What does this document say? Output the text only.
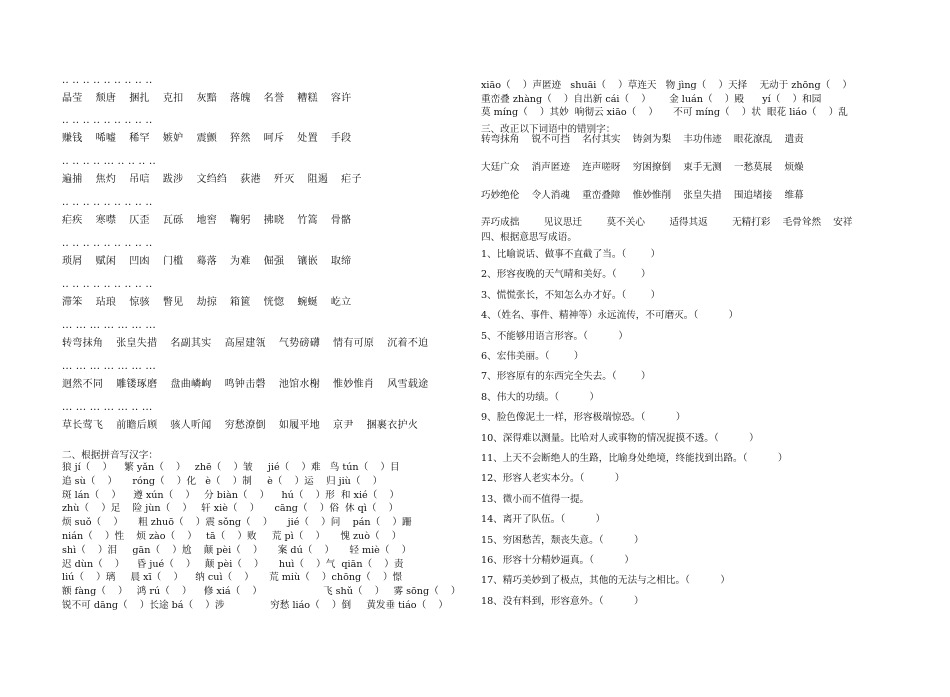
·· ·· ·· ·· ·· ·· ·· ·· ··
晶莹 颓唐 捆扎 克扣 灰黯 落魄 名誉 糟糕 容许
·· ·· ·· ·· ·· ·· ·· ·· ··
赚钱 唏嘘 稀罕 嫉妒 震颤 猝然 呵斥 处置 手段
·· ·· ·· ·· ··· ·· ·· ·· ··
遍捕 焦灼 吊唁 跋涉 文绉绉 荻港 歼灭 阻遏 疟子
·· ·· ·· ·· ·· ·· ·· ·· ··
疟疾 寒噤 仄歪 瓦砾 地窖 鞠躬 拂晓 竹篙 骨骼
·· ·· ·· ·· ·· ·· ·· ·· ··
琐屑 赋闲 凹凼 门槛 蓦落 为难 倔强 镶嵌 取缔
·· ·· ·· ·· ·· ·· ·· ·· ··
滞笨 玷琅 惊骇 瞥见 劫掠 箱篋 恍惚 蜿蜒 屹立
··· ··· ··· ··· ··· ··· ···
转弯抹角 张皇失措 名副其实 高屋建瓴 气势磅礴 情有可原 沉着不迫
··· ··· ··· ··· ··· ··· ···
迥然不同 雕镂琢磨 盘曲嶙峋 鸣钟击磬 池馆水榭 惟妙惟肖 风雪载途
··· ··· ··· ··· ··· ·· ···
草长莺飞 前瞻后顾 骇人听闻 穷愁潦倒 如履平地 京尹 捆裹衣护火
二、根据拼音写汉字：
狼 jí（    ）    繁 yǎn（    ）   zhē（    ）皱     jié（    ）难   鸟 tún（    ）目
追 sù（    ）     róng（    ）化   è（    ）制     è（    ）运    归 jiù（    ）
斑 lán（    ）    遵 xún（    ）   分 biàn（    ）    hú（    ）形  和 xié（    ）
zhù（    ）足    险 jùn（    ）   轩 xiè（    ）     cāng（    ）俗  休 qì（    ）
烦 suǒ（    ）     粗 zhuō（    ）震 sǒng（    ）     jié（    ）问    pán（    ）跚
nián（    ）性    烦 zào（    ）   tā（    ）败     荒 pì（    ）     愧 zuò（    ）
shì（    ）泪     gān（    ）尬    颠 pèi（    ）     案 dú（    ）     轻 miè（    ）
迟 dùn（    ）    昏 jué（    ）   颠 pèi（    ）     huì（    ）气  qiān（    ）责
liú（    ）璃     晨 xī（    ）    纳 cuì（    ）     荒 miù（    ）chōng（    ）憬
额 fàng（    ）   鸿 rú（    ）    修 xiá（    ）                    飞 shǔ（    ）   雾 sōng（    ）
锐不可 dāng（    ）长途 bá（    ）涉               穷愁 liáo（    ）倒     黄发垂 tiáo（    ）
xiāo（    ）声匿迹   shuāi（    ）草连天   物 jìng（    ）天择    无动于 zhōng（    ）
重峦叠 zhàng（    ）自出新 cái（    ）      金 luán（    ）殿      yí（    ）和园
莫 míng（    ）其妙  响彻云 xiāo（    ）     不可 míng（    ）状  眼花 liáo（    ）乱
三、改正以下词语中的错别字：
转弯抹角    锐不可挡    名付其实    铸剑为梨    丰功伟迹    眼花潦乱    遣责
大廷广众    消声匿迹    连声嗟呀    穷困撩倒    束手无测    一愁莫展    烦燥
巧妙绝伦    令人消魂    重峦叠障    惟妙惟削    张皇失措    围追堵接    维幕
弄巧成拙        见议思迁        莫不关心        适得其返        无精打彩    毛骨耸然    安祥
四、根据意思写成语。
1、比喻说话、做事不直截了当。（        ）
2、形容夜晚的天气晴和美好。（        ）
3、慌慌张长，不知怎么办才好。（        ）
4、（姓名、事件、精神等）永远流传，不可磨灭。（          ）
5、不能够用语言形容。（          ）
6、宏伟美丽。（        ）
7、形容原有的东西完全失去。（        ）
8、伟大的功绩。（          ）
9、脸色像泥土一样，形容极端惊恐。（          ）
10、深得难以测量。比哈对人或事物的情况捉摸不透。（          ）
11、上天不会断绝人的生路，比喻身处绝境，终能找到出路。（          ）
12、形容人老实本分。（          ）
13、微小而不值得一提。
14、离开了队伍。（          ）
15、穷困愁苦，颓丧失意。（          ）
16、形容十分精妙逼真。（          ）
17、精巧美妙到了极点，其他的无法与之相比。（          ）
18、没有料到，形容意外。（          ）
